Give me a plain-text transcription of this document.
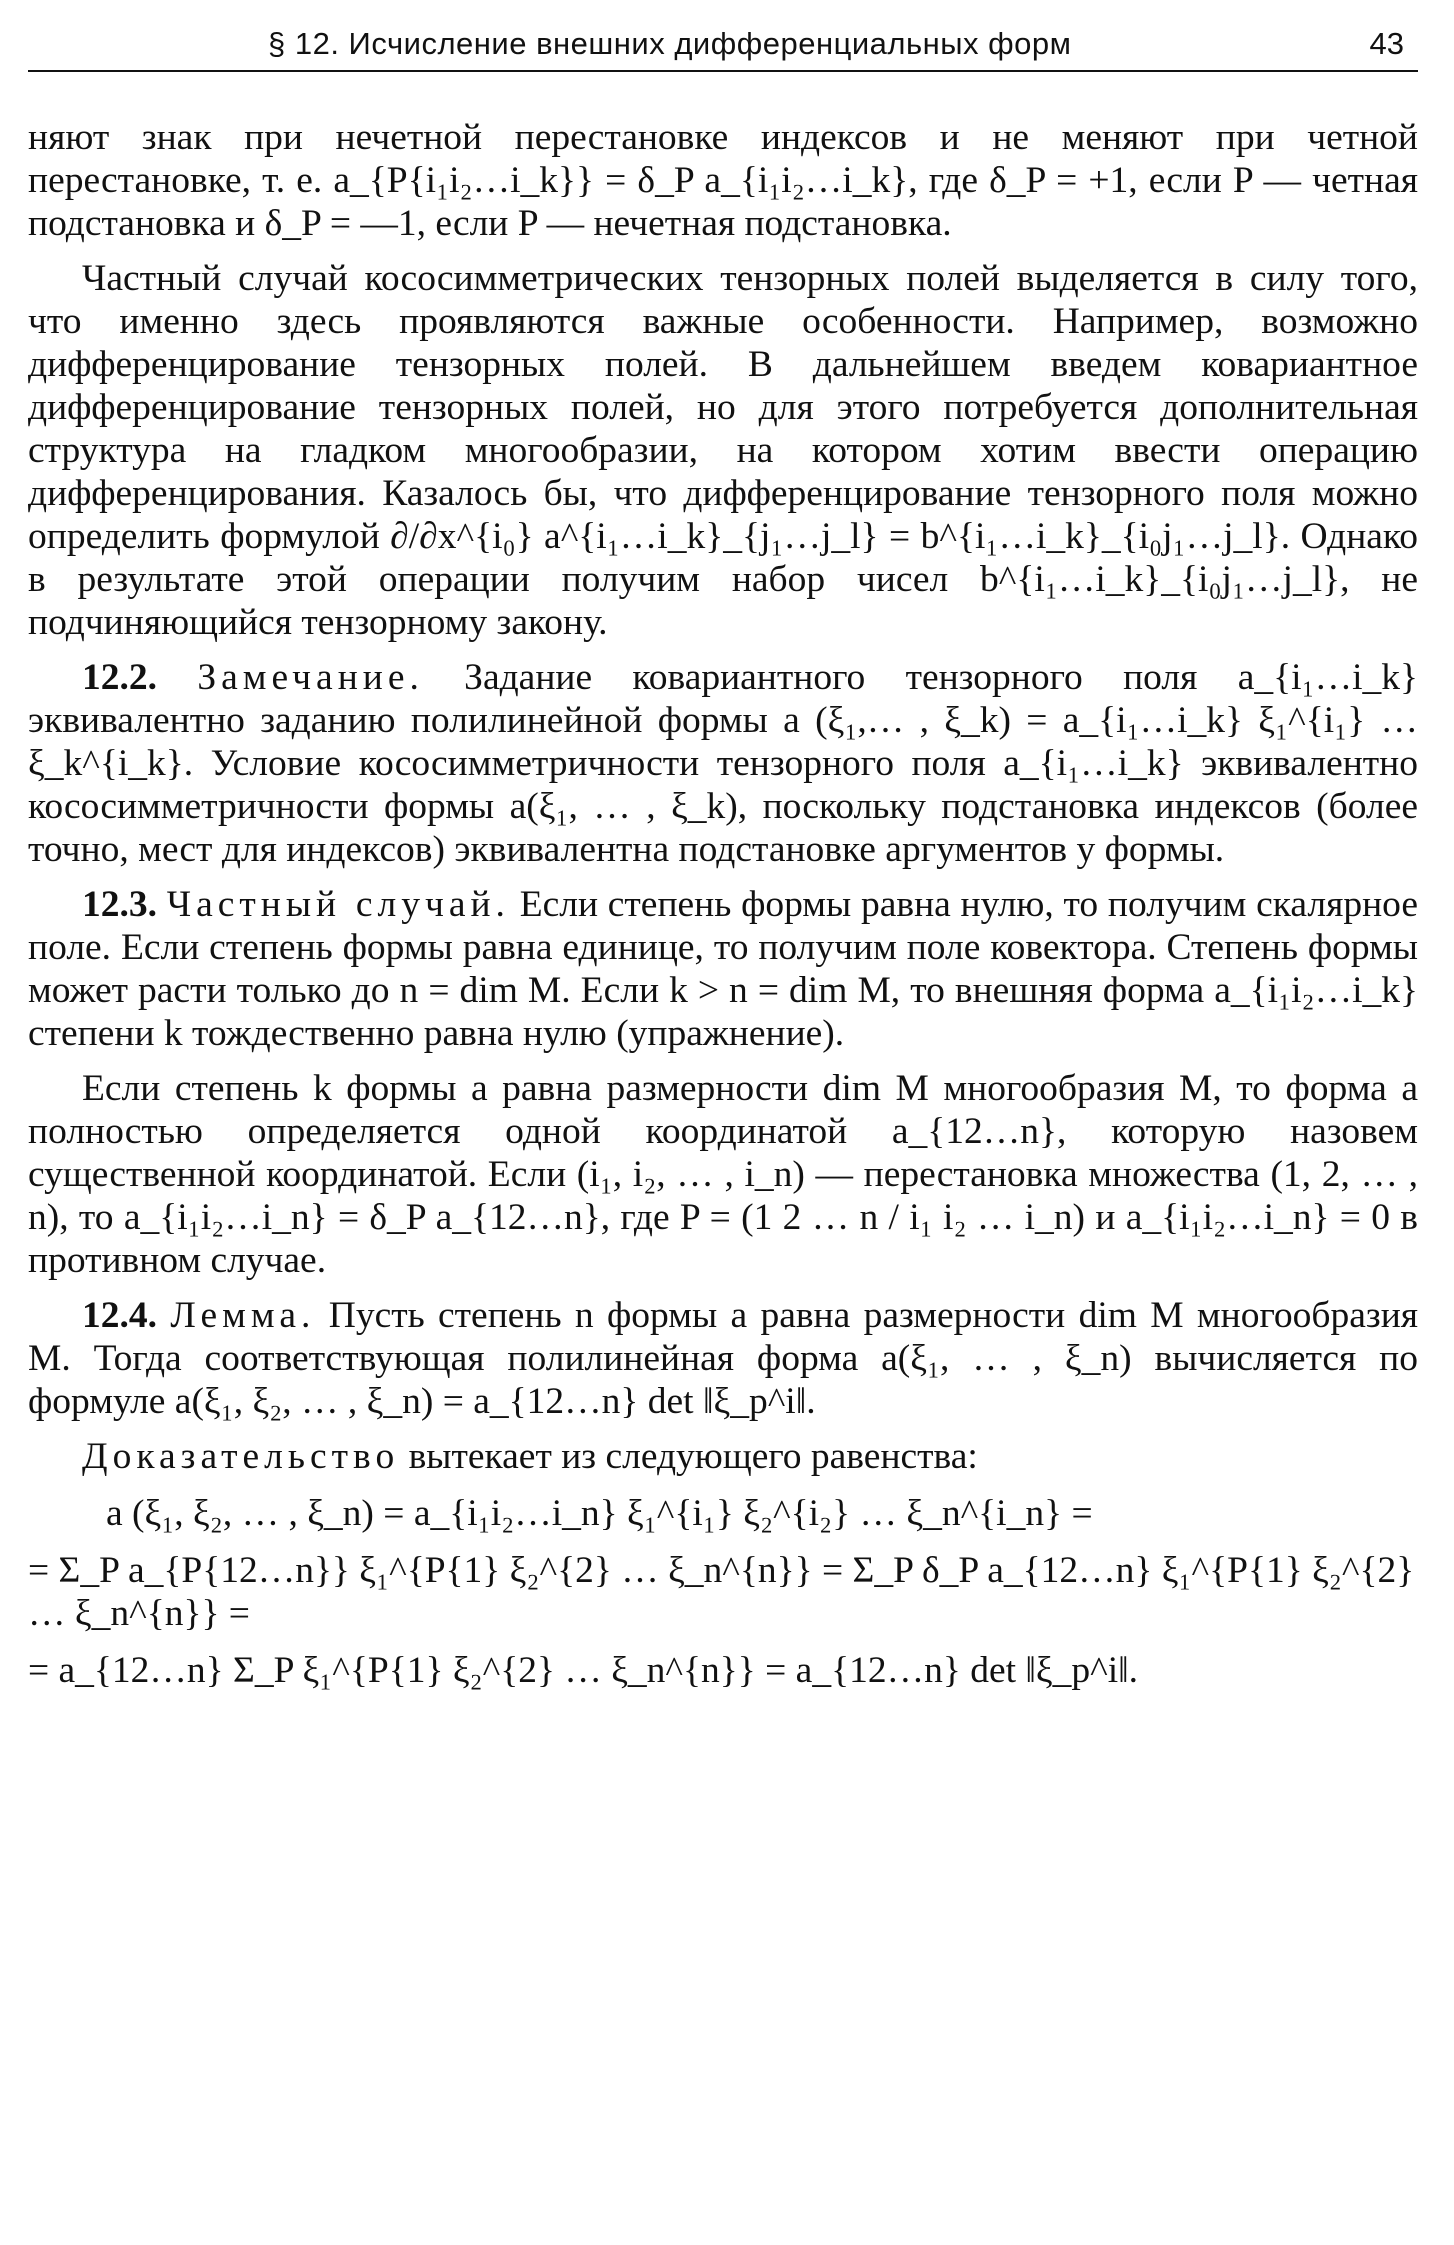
§ 12. Исчисление внешних дифференциальных форм	43

няют знак при нечетной перестановке индексов и не меняют при четной перестановке, т. е. a_{P{i₁i₂…i_k}} = δ_P a_{i₁i₂…i_k}, где δ_P = +1, если P — четная подстановка и δ_P = —1, если P — нечетная подстановка.

Частный случай кососимметрических тензорных полей выделяется в силу того, что именно здесь проявляются важные особенности. Например, возможно дифференцирование тензорных полей. В дальнейшем введем ковариантное дифференцирование тензорных полей, но для этого потребуется дополнительная структура на гладком многообразии, на котором хотим ввести операцию дифференцирования. Казалось бы, что дифференцирование тензорного поля можно определить формулой ∂/∂x^{i₀} a^{i₁…i_k}_{j₁…j_l} = b^{i₁…i_k}_{i₀j₁…j_l}. Однако в результате этой операции получим набор чисел b^{i₁…i_k}_{i₀j₁…j_l}, не подчиняющийся тензорному закону.

12.2. Замечание. Задание ковариантного тензорного поля a_{i₁…i_k} эквивалентно заданию полилинейной формы a (ξ₁,… , ξ_k) = a_{i₁…i_k} ξ₁^{i₁} … ξ_k^{i_k}. Условие кососимметричности тензорного поля a_{i₁…i_k} эквивалентно кососимметричности формы a(ξ₁, … , ξ_k), поскольку подстановка индексов (более точно, мест для индексов) эквивалентна подстановке аргументов у формы.

12.3. Частный случай. Если степень формы равна нулю, то получим скалярное поле. Если степень формы равна единице, то получим поле ковектора. Степень формы может расти только до n = dim M. Если k > n = dim M, то внешняя форма a_{i₁i₂…i_k} степени k тождественно равна нулю (упражнение).

Если степень k формы a равна размерности dim M многообразия M, то форма a полностью определяется одной координатой a_{12…n}, которую назовем существенной координатой. Если (i₁, i₂, … , i_n) — перестановка множества (1, 2, … , n), то a_{i₁i₂…i_n} = δ_P a_{12…n}, где P = (1 2 … n / i₁ i₂ … i_n) и a_{i₁i₂…i_n} = 0 в противном случае.

12.4. Лемма. Пусть степень n формы a равна размерности dim M многообразия M. Тогда соответствующая полилинейная форма a(ξ₁, … , ξ_n) вычисляется по формуле a(ξ₁, ξ₂, … , ξ_n) = a_{12…n} det ‖ξ_p^i‖.

Доказательство вытекает из следующего равенства:

a (ξ₁, ξ₂, … , ξ_n) = a_{i₁i₂…i_n} ξ₁^{i₁} ξ₂^{i₂} … ξ_n^{i_n} =

= Σ_P a_{P{12…n}} ξ₁^{P{1} ξ₂^{2} … ξ_n^{n}} = Σ_P δ_P a_{12…n} ξ₁^{P{1} ξ₂^{2} … ξ_n^{n}} =

= a_{12…n} Σ_P ξ₁^{P{1} ξ₂^{2} … ξ_n^{n}} = a_{12…n} det ‖ξ_p^i‖.
